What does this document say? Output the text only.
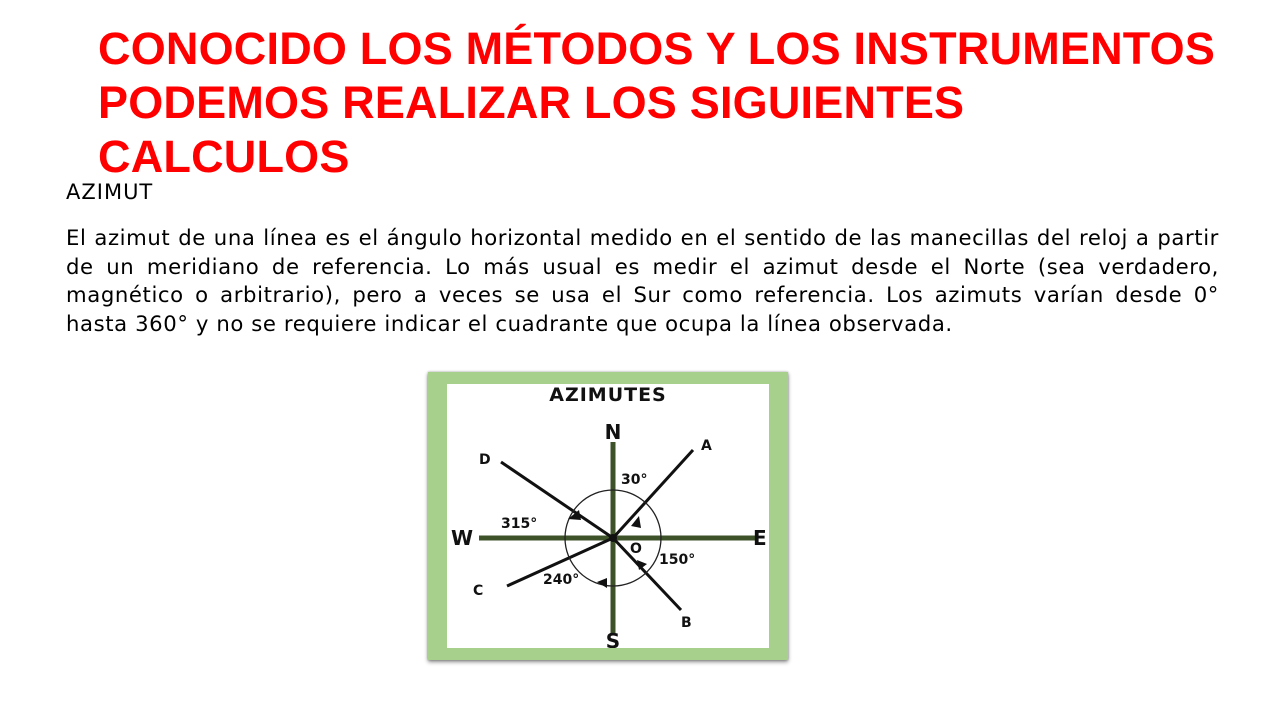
CONOCIDO LOS MÉTODOS Y LOS INSTRUMENTOS PODEMOS REALIZAR LOS SIGUIENTES CALCULOS
AZIMUT

El azimut de una línea es el ángulo horizontal medido en el sentido de las manecillas del reloj a partir de un meridiano de referencia. Lo más usual es medir el azimut desde el Norte (sea verdadero, magnético o arbitrario), pero a veces se usa el Sur como referencia. Los azimuts varían desde 0° hasta 360° y no se requiere indicar el cuadrante que ocupa la línea observada.

AZIMUTES
N
S
E
W	O
A
B
C
D
30°
150°
240°
315°
